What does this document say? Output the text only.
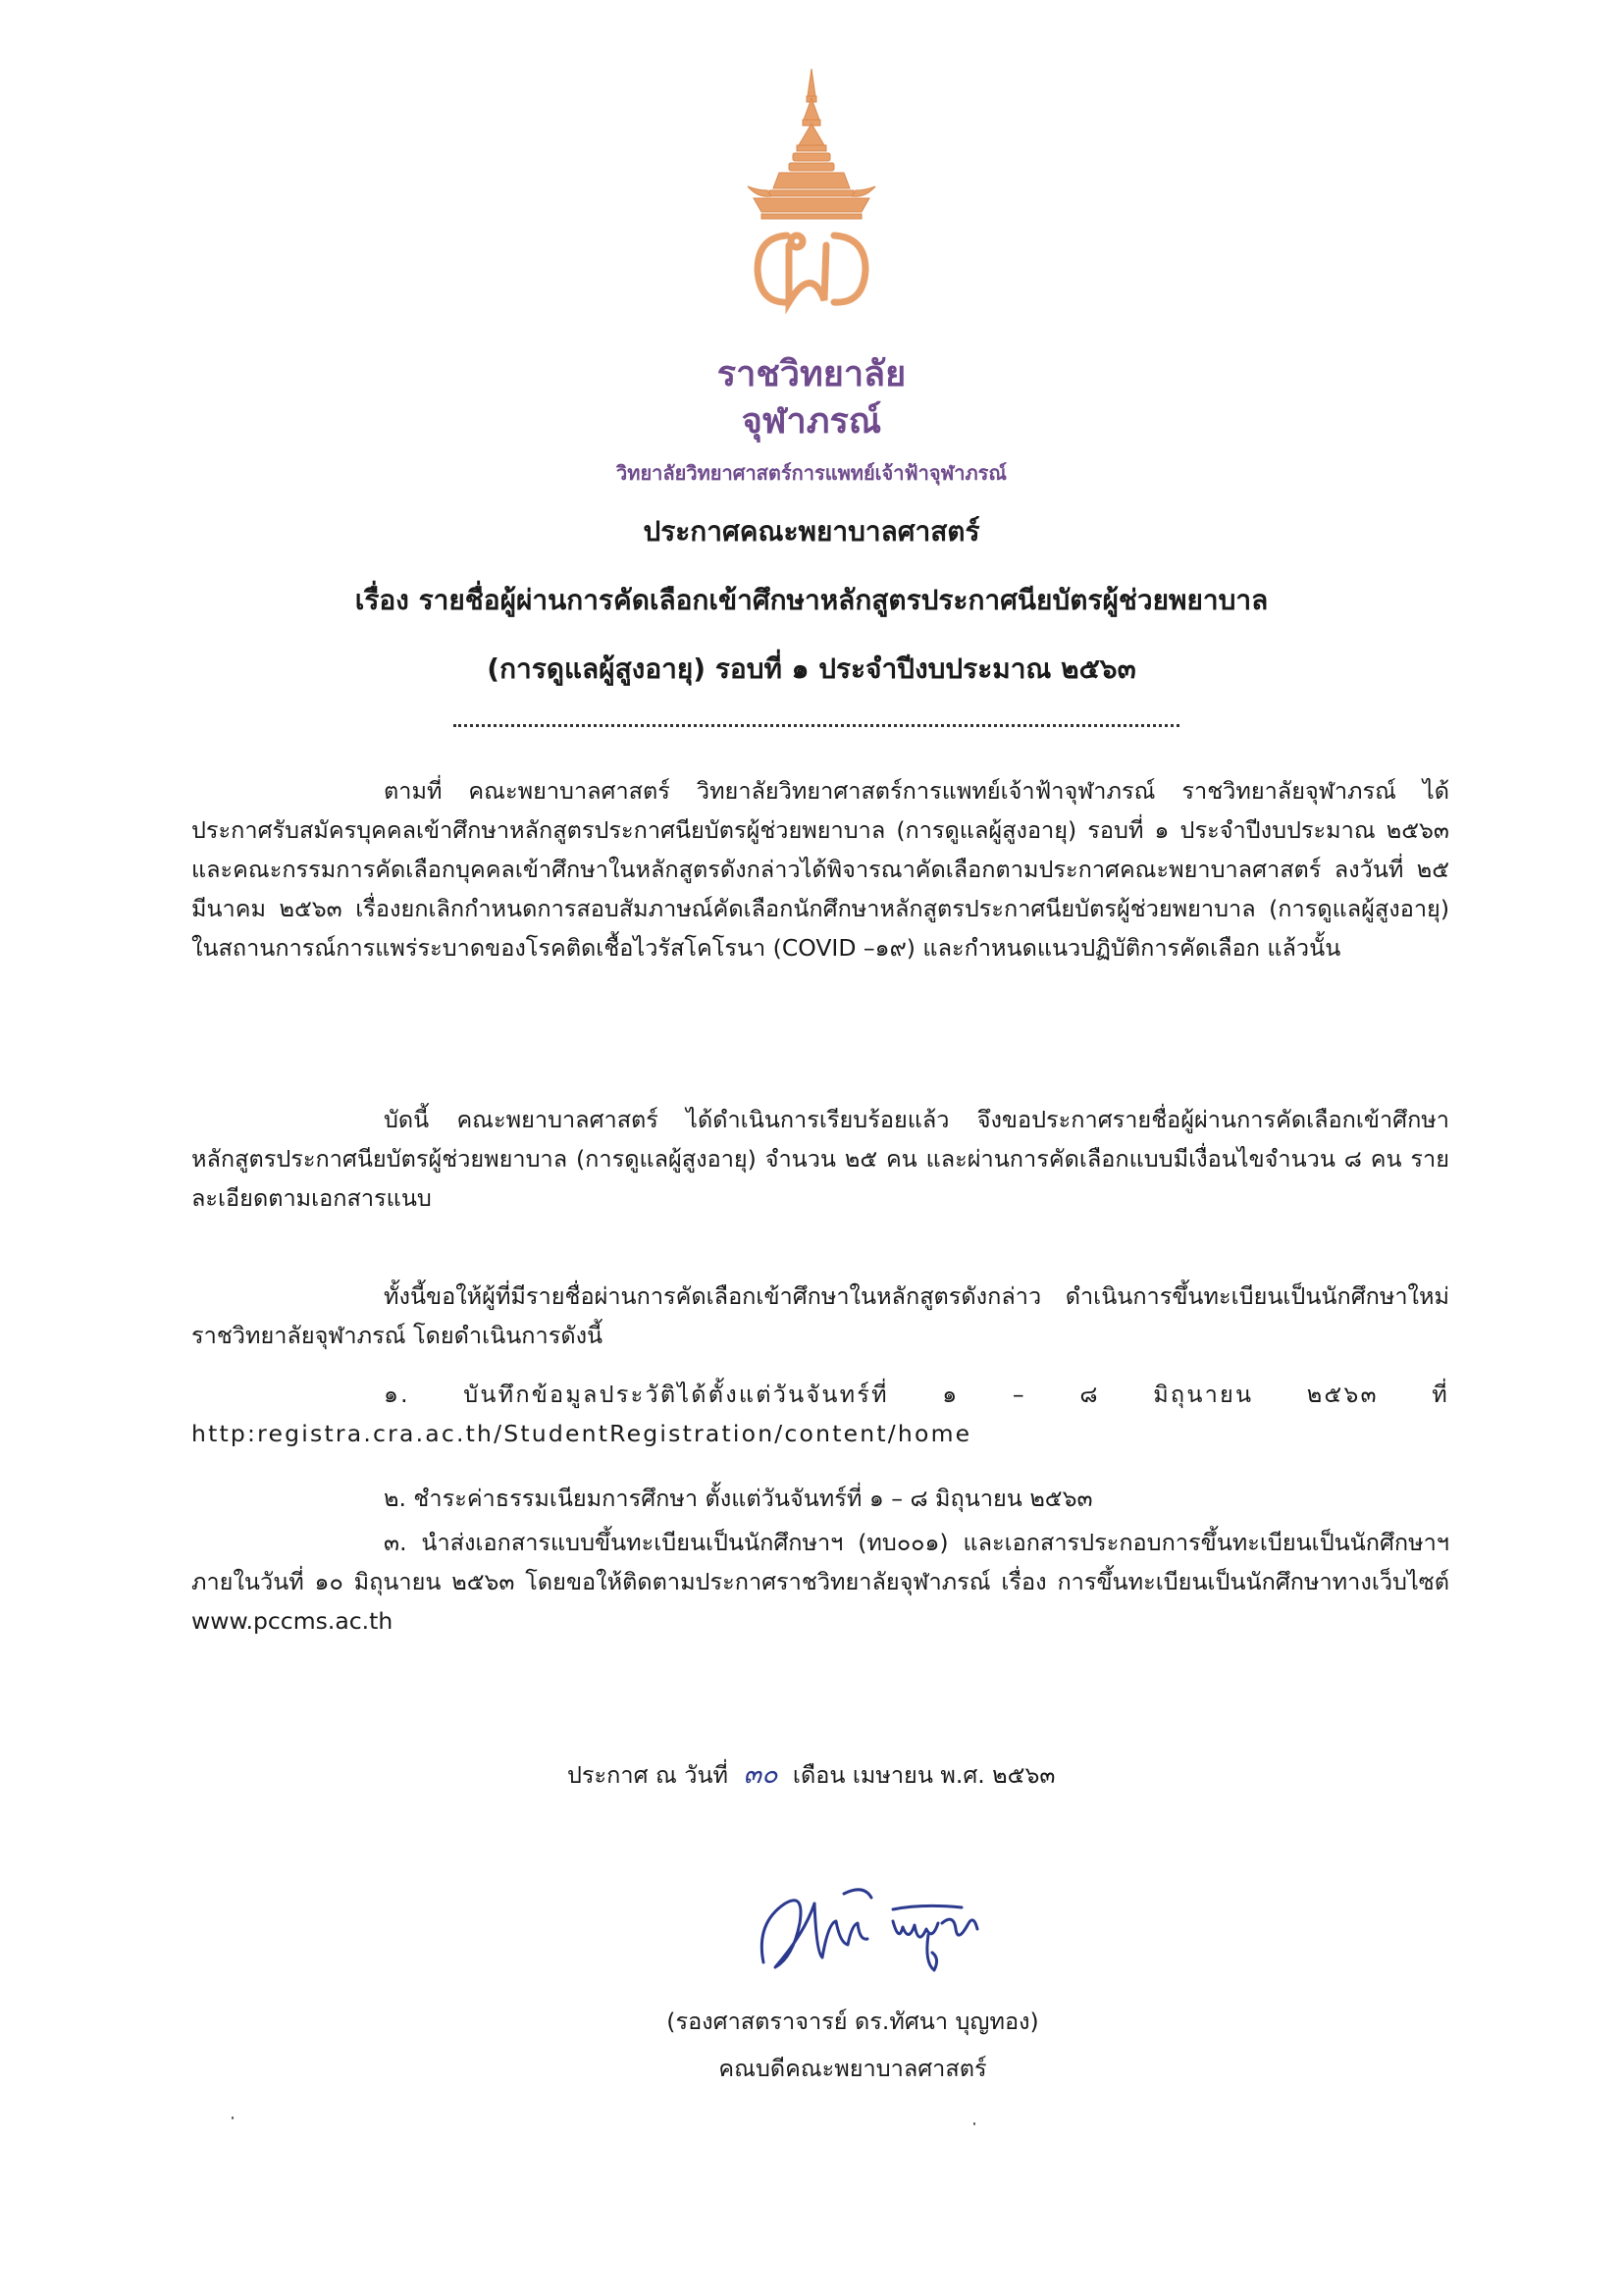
ราชวิทยาลัย
จุฬาภรณ์
วิทยาลัยวิทยาศาสตร์การแพทย์เจ้าฟ้าจุฬาภรณ์
ประกาศคณะพยาบาลศาสตร์
เรื่อง รายชื่อผู้ผ่านการคัดเลือกเข้าศึกษาหลักสูตรประกาศนียบัตรผู้ช่วยพยาบาล
(การดูแลผู้สูงอายุ) รอบที่ ๑ ประจำปีงบประมาณ ๒๕๖๓

ตามที่ คณะพยาบาลศาสตร์ วิทยาลัยวิทยาศาสตร์การแพทย์เจ้าฟ้าจุฬาภรณ์ ราชวิทยาลัยจุฬาภรณ์ ได้ประกาศรับสมัครบุคคลเข้าศึกษาหลักสูตรประกาศนียบัตรผู้ช่วยพยาบาล (การดูแลผู้สูงอายุ) รอบที่ ๑ ประจำปีงบประมาณ ๒๕๖๓ และคณะกรรมการคัดเลือกบุคคลเข้าศึกษาในหลักสูตรดังกล่าวได้พิจารณาคัดเลือกตามประกาศคณะพยาบาลศาสตร์ ลงวันที่ ๒๕ มีนาคม ๒๕๖๓ เรื่องยกเลิกกำหนดการสอบสัมภาษณ์คัดเลือกนักศึกษาหลักสูตรประกาศนียบัตรผู้ช่วยพยาบาล (การดูแลผู้สูงอายุ) ในสถานการณ์การแพร่ระบาดของโรคติดเชื้อไวรัสโคโรนา (COVID –๑๙) และกำหนดแนวปฏิบัติการคัดเลือก แล้วนั้น

บัดนี้ คณะพยาบาลศาสตร์ ได้ดำเนินการเรียบร้อยแล้ว จึงขอประกาศรายชื่อผู้ผ่านการคัดเลือกเข้าศึกษาหลักสูตรประกาศนียบัตรผู้ช่วยพยาบาล (การดูแลผู้สูงอายุ) จำนวน ๒๕ คน และผ่านการคัดเลือกแบบมีเงื่อนไขจำนวน ๘ คน รายละเอียดตามเอกสารแนบ

ทั้งนี้ขอให้ผู้ที่มีรายชื่อผ่านการคัดเลือกเข้าศึกษาในหลักสูตรดังกล่าว ดำเนินการขึ้นทะเบียนเป็นนักศึกษาใหม่ราชวิทยาลัยจุฬาภรณ์ โดยดำเนินการดังนี้

๑. บันทึกข้อมูลประวัติได้ตั้งแต่วันจันทร์ที่ ๑ – ๘ มิถุนายน ๒๕๖๓ ที่ http:registra.cra.ac.th/StudentRegistration/content/home

๒. ชำระค่าธรรมเนียมการศึกษา ตั้งแต่วันจันทร์ที่ ๑ – ๘ มิถุนายน ๒๕๖๓

๓. นำส่งเอกสารแบบขึ้นทะเบียนเป็นนักศึกษาฯ (ทบ๐๐๑) และเอกสารประกอบการขึ้นทะเบียนเป็นนักศึกษาฯ ภายในวันที่ ๑๐ มิถุนายน ๒๕๖๓ โดยขอให้ติดตามประกาศราชวิทยาลัยจุฬาภรณ์ เรื่อง การขึ้นทะเบียนเป็นนักศึกษาทางเว็บไซต์ www.pccms.ac.th

ประกาศ ณ วันที่ ๓๐ เดือน เมษายน พ.ศ. ๒๕๖๓
(รองศาสตราจารย์ ดร.ทัศนา บุญทอง)
คณบดีคณะพยาบาลศาสตร์
